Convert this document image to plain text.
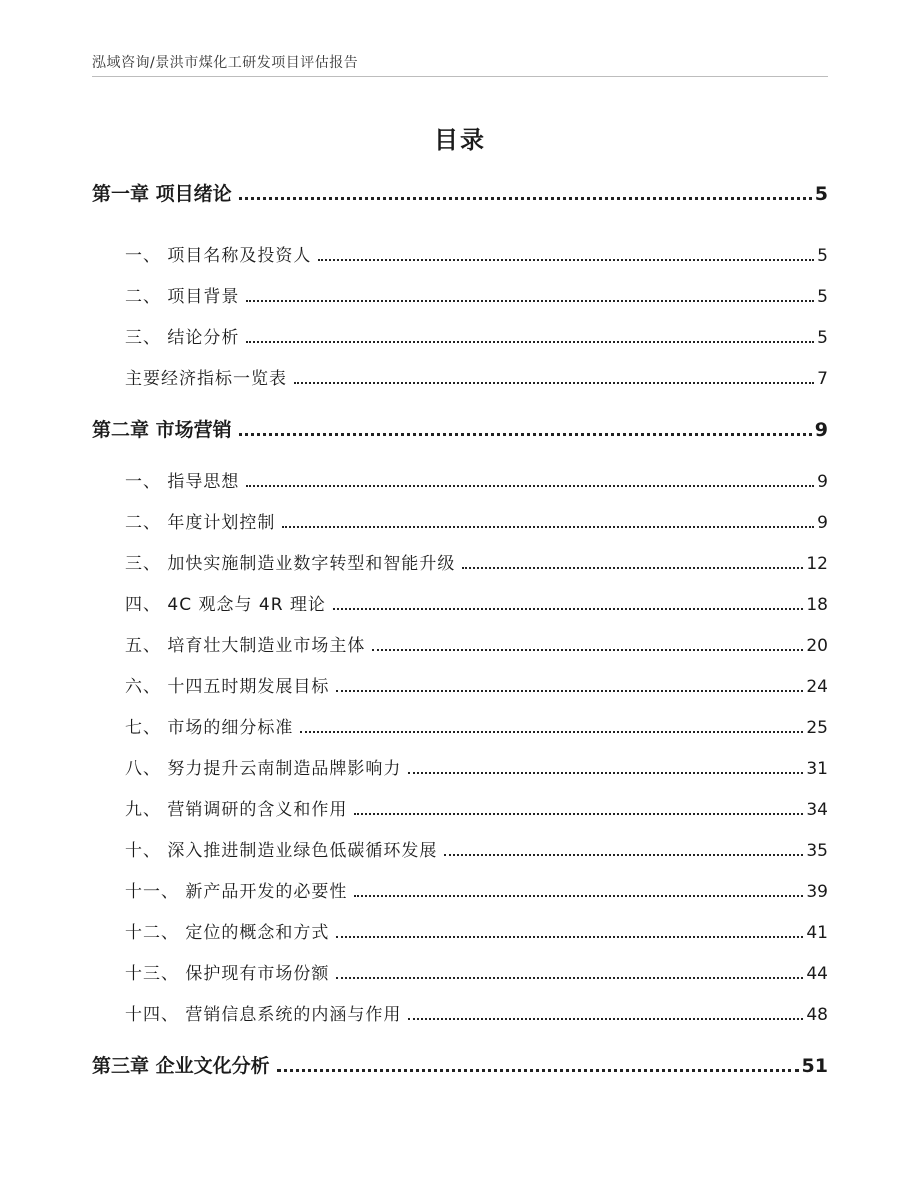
泓域咨询/景洪市煤化工研发项目评估报告
目录
第一章 项目绪论	5
一、 项目名称及投资人	5
二、 项目背景	5
三、 结论分析	5
主要经济指标一览表	7
第二章 市场营销	9
一、 指导思想	9
二、 年度计划控制	9
三、 加快实施制造业数字转型和智能升级	12
四、 4C 观念与 4R 理论	18
五、 培育壮大制造业市场主体	20
六、 十四五时期发展目标	24
七、 市场的细分标准	25
八、 努力提升云南制造品牌影响力	31
九、 营销调研的含义和作用	34
十、 深入推进制造业绿色低碳循环发展	35
十一、 新产品开发的必要性	39
十二、 定位的概念和方式	41
十三、 保护现有市场份额	44
十四、 营销信息系统的内涵与作用	48
第三章 企业文化分析	51
